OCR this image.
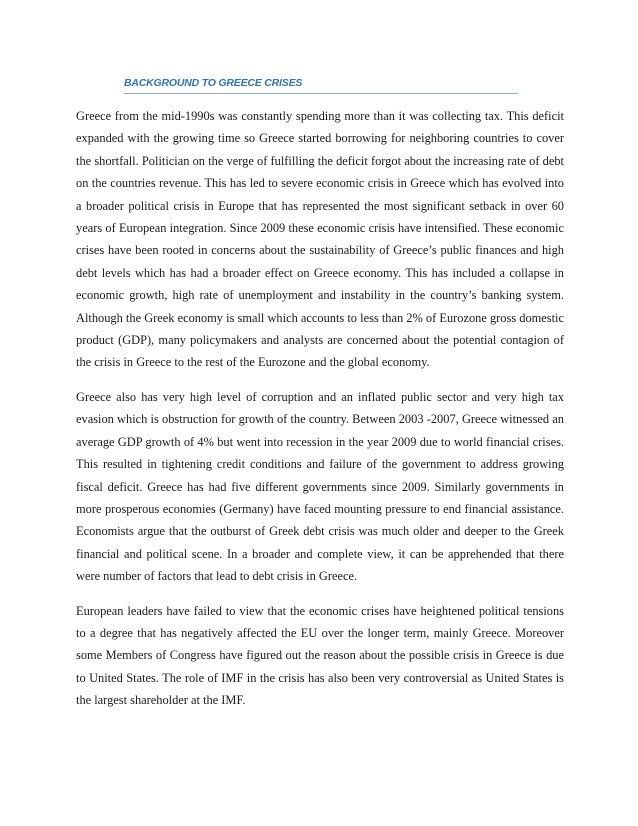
BACKGROUND TO GREECE CRISES

Greece from the mid-1990s was constantly spending more than it was collecting tax. This deficit expanded with the growing time so Greece started borrowing for neighboring countries to cover the shortfall. Politician on the verge of fulfilling the deficit forgot about the increasing rate of debt on the countries revenue. This has led to severe economic crisis in Greece which has evolved into a broader political crisis in Europe that has represented the most significant setback in over 60 years of European integration. Since 2009 these economic crisis have intensified. These economic crises have been rooted in concerns about the sustainability of Greece’s public finances and high debt levels which has had a broader effect on Greece economy. This has included a collapse in economic growth, high rate of unemployment and instability in the country’s banking system. Although the Greek economy is small which accounts to less than 2% of Eurozone gross domestic product (GDP), many policymakers and analysts are concerned about the potential contagion of the crisis in Greece to the rest of the Eurozone and the global economy.

Greece also has very high level of corruption and an inflated public sector and very high tax evasion which is obstruction for growth of the country. Between 2003 -2007, Greece witnessed an average GDP growth of 4% but went into recession in the year 2009 due to world financial crises. This resulted in tightening credit conditions and failure of the government to address growing fiscal deficit. Greece has had five different governments since 2009. Similarly governments in more prosperous economies (Germany) have faced mounting pressure to end financial assistance. Economists argue that the outburst of Greek debt crisis was much older and deeper to the Greek financial and political scene. In a broader and complete view, it can be apprehended that there were number of factors that lead to debt crisis in Greece.

European leaders have failed to view that the economic crises have heightened political tensions to a degree that has negatively affected the EU over the longer term, mainly Greece. Moreover some Members of Congress have figured out the reason about the possible crisis in Greece is due to United States. The role of IMF in the crisis has also been very controversial as United States is the largest shareholder at the IMF.
